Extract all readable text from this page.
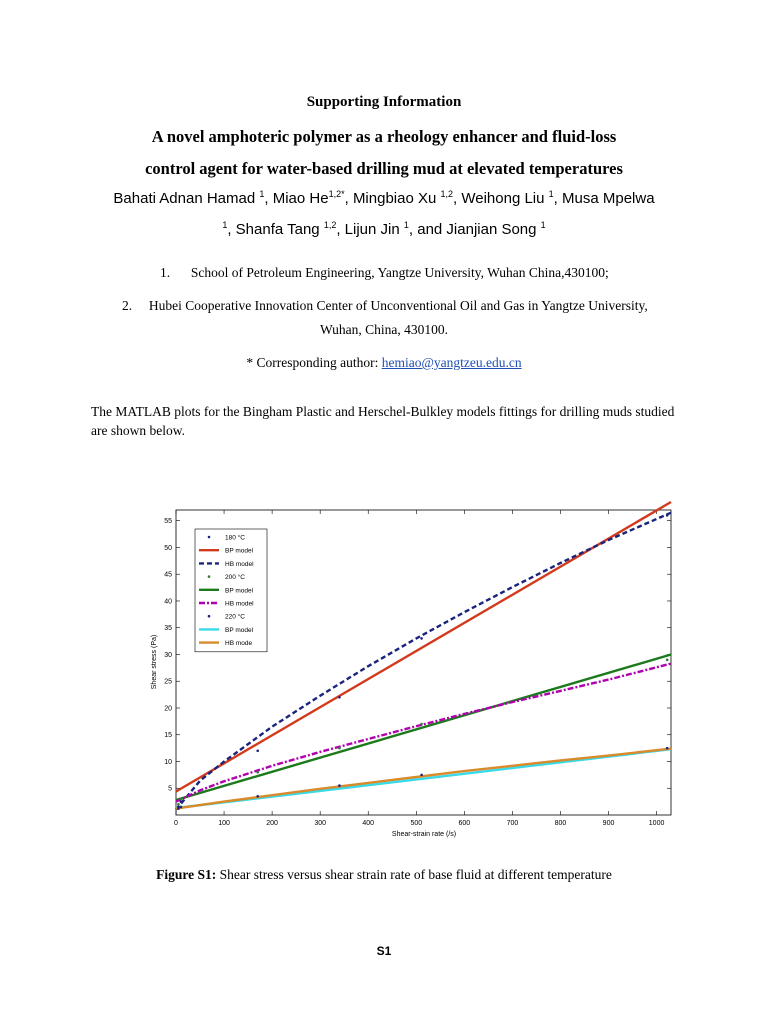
Supporting Information
A novel amphoteric polymer as a rheology enhancer and fluid-loss
control agent for water-based drilling mud at elevated temperatures
Bahati Adnan Hamad $^1$, Miao $He^{1,2*}$, Mingbiao Xu $^{1,2}$, Weihong Liu $^1$, Musa Mpelwa
$^1$, Shanfa Tang $^{1,2}$, Lijun Jin $^1$, and Jianjian Song $^1$
1. School of Petroleum Engineering, Yangtze University, Wuhan China,430100;
2. Hubei Cooperative Innovation Center of Unconventional Oil and Gas in Yangtze University,
Wuhan, China, 430100.
* Corresponding author: hemiao@yangtzeu.edu.cn
The MATLAB plots for the Bingham Plastic and Herschel-Bulkley models fittings for drilling muds studied are shown below.
0	100	200	300	400	500	600	700	800	900	1000
5
10
15
20
25
30
35
40
45
50
55
180 °C
BP model
HB model
200 °C
BP model
HB model
220 °C
BP model
HB mode
Shear-strain rate (/s)
Shear stress (Pa)
Figure S1: Shear stress versus shear strain rate of base fluid at different temperature
S1
